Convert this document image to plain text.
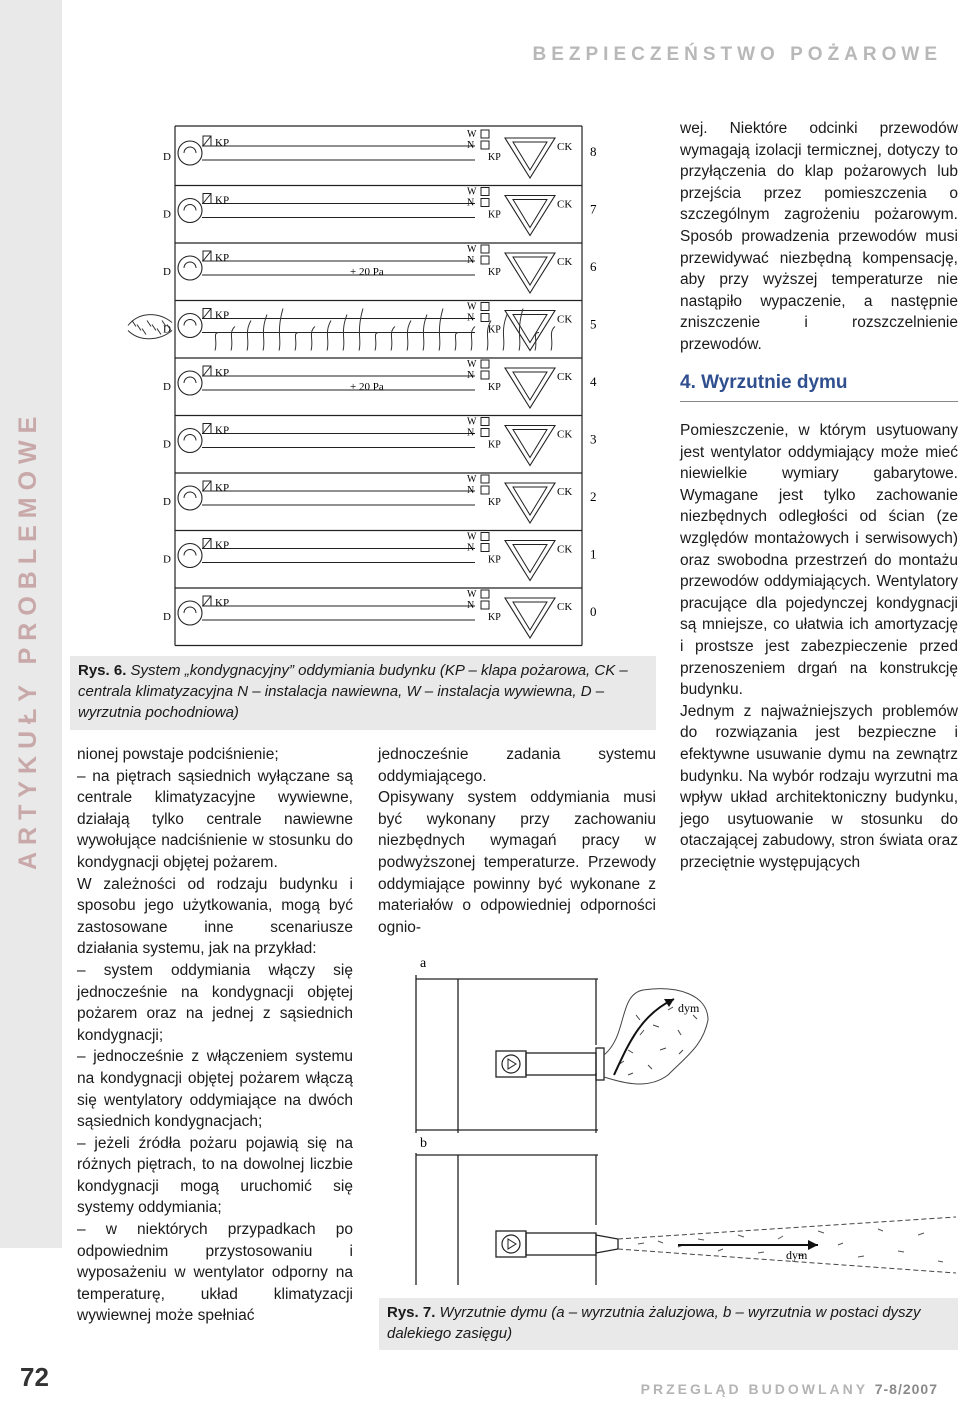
ARTYKUŁY PROBLEMOWE
BEZPIECZEŃSTWO POŻAROWE
KP
D
W
N
KP
CK 8
KP
D
W
N
KP
CK 7
KP
D
W
N
KP
CK 6
KP
D
W
N
KP
CK 5
KP
D
W
N
KP
CK 4
KP
D
W
N
KP
CK 3
KP
D
W
N
KP
CK 2
KP
D
W
N
KP
CK 1
KP
D
W
N
KP
CK 0
+ 20 Pa
+ 20 Pa
Rys. 6. System „kondygnacyjny” oddymiania budynku (KP – klapa pożarowa, CK – centrala klimatyzacyjna N – instalacja nawiewna, W – instalacja wywiewna, D – wyrzutnia pochodniowa)

nionej powstaje podciśnienie;

– na piętrach sąsiednich wyłączane są centrale klimatyzacyjne wywiewne, działają tylko centrale nawiewne wywołujące nadciśnienie w stosunku do kondygnacji objętej pożarem.

W zależności od rodzaju budynku i sposobu jego użytkowania, mogą być zastosowane inne scenariusze działania systemu, jak na przykład:

– system oddymiania włączy się jednocześnie na kondygnacji objętej pożarem oraz na jednej z sąsiednich kondygnacji;

– jednocześnie z włączeniem systemu na kondygnacji objętej pożarem włączą się wentylatory oddymiające na dwóch sąsiednich kondygnacjach;

– jeżeli źródła pożaru pojawią się na różnych piętrach, to na dowolnej liczbie kondygnacji mogą uruchomić się systemy oddymiania;

– w niektórych przypadkach po odpowiednim przystosowaniu i wyposażeniu w wentylator odporny na temperaturę, układ klimatyzacji wywiewnej może spełniać

jednocześnie zadania systemu oddymiającego.

Opisywany system oddymiania musi być wykonany przy zachowaniu niezbędnych wymagań pracy w podwyższonej temperaturze. Przewody oddymiające powinny być wykonane z materiałów o odpowiedniej odporności ognio-

wej. Niektóre odcinki przewodów wymagają izolacji termicznej, dotyczy to przyłączenia do klap pożarowych lub przejścia przez pomieszczenia o szczególnym zagrożeniu pożarowym. Sposób prowadzenia przewodów musi przewidywać niezbędną kompensację, aby przy wyższej temperaturze nie nastąpiło wypaczenie, a następnie zniszczenie i rozszczelnienie przewodów.

4. Wyrzutnie dymu

Pomieszczenie, w którym usytuowany jest wentylator oddymiający może mieć niewielkie wymiary gabarytowe. Wymagane jest tylko zachowanie niezbędnych odległości od ścian (ze względów montażowych i serwisowych) oraz swobodna przestrzeń do montażu przewodów oddymiających. Wentylatory pracujące dla pojedynczej kondygnacji są mniejsze, co ułatwia ich amortyzację i prostsze jest zabezpieczenie przed przenoszeniem drgań na konstrukcję budynku.

Jednym z najważniejszych problemów do rozwiązania jest bezpieczne i efektywne usuwanie dymu na zewnątrz budynku. Na wybór rodzaju wyrzutni ma wpływ układ architektoniczny budynku, jego usytuowanie w stosunku do otaczającej zabudowy, stron świata oraz przeciętnie występujących

a
dym
b
dym
Rys. 7. Wyrzutnie dymu (a – wyrzutnia żaluzjowa, b – wyrzutnia w postaci dyszy dalekiego zasięgu)
72	PRZEGLĄD BUDOWLANY 7-8/2007
